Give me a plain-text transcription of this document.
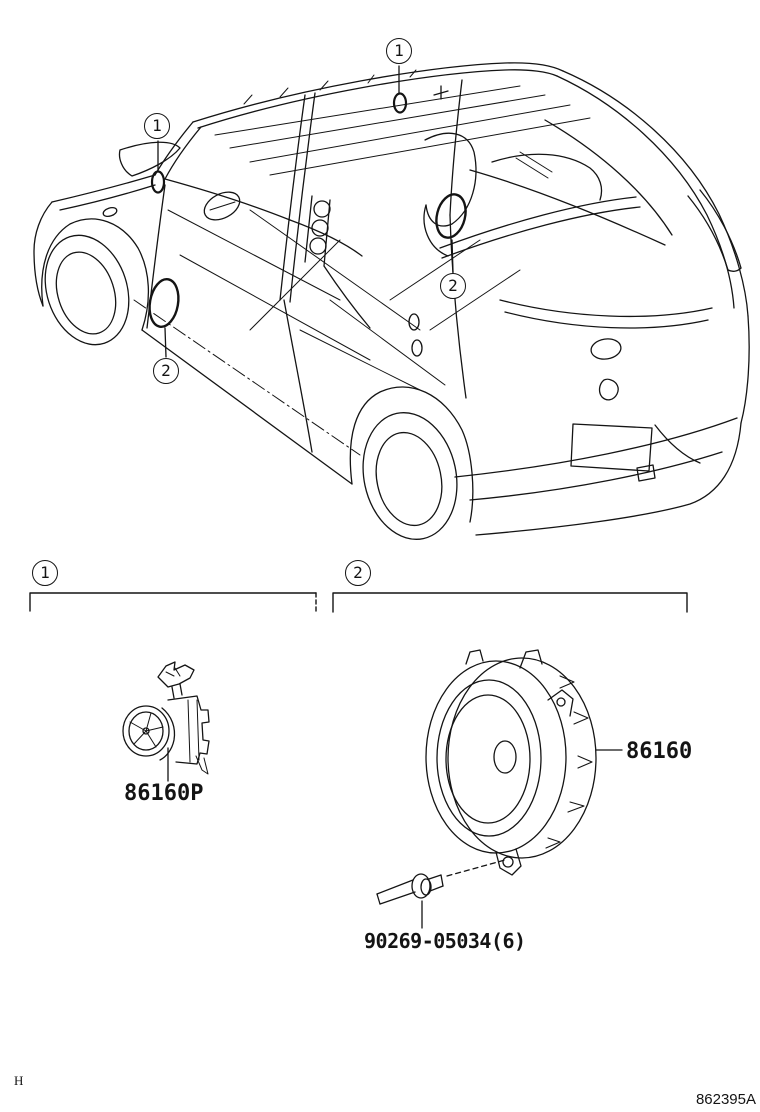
1
1
2
2
1	2
86160P
86160
90269-05034(6)
H
862395A
